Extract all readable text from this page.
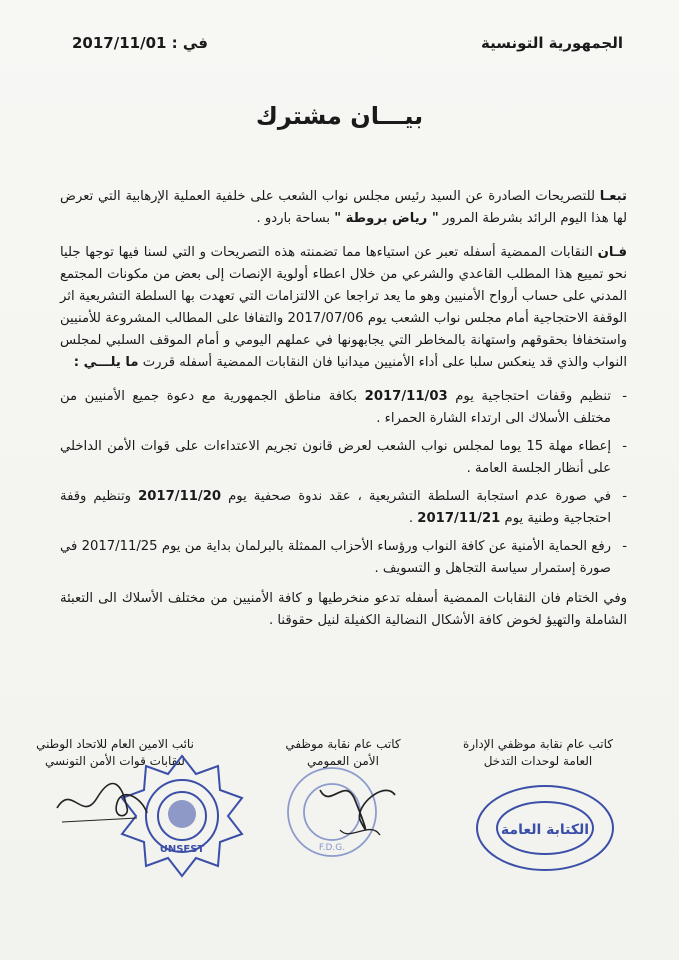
الجمهورية التونسية
في : 2017/11/01
بيـــان مشترك

تبعـا للتصريحات الصادرة عن السيد رئيس مجلس نواب الشعب على خلفية العملية الإرهابية التي تعرض لها هذا اليوم الرائد بشرطة المرور " رياض بروطة " بساحة باردو .

فـان النقابات الممضية أسفله تعبر عن استياءها مما تضمنته هذه التصريحات و التي لسنا فيها توجها جليا نحو تمييع هذا المطلب القاعدي والشرعي من خلال اعطاء أولوية الإنصات إلى بعض من مكونات المجتمع المدني على حساب أرواح الأمنيين وهو ما يعد تراجعا عن الالتزامات التي تعهدت بها السلطة التشريعية اثر الوقفة الاحتجاجية أمام مجلس نواب الشعب يوم 2017/07/06 والتفافا على المطالب المشروعة للأمنيين واستخفافا بحقوقهم واستهانة بالمخاطر التي يجابهونها في عملهم اليومي و أمام الموقف السلبي لمجلس النواب والذي قد ينعكس سلبا على أداء الأمنيين ميدانيا فان النقابات الممضية أسفله قررت ما يلـــي :

- تنظيم وقفات احتجاجية يوم 2017/11/03 بكافة مناطق الجمهورية مع دعوة جميع الأمنيين من مختلف الأسلاك الى ارتداء الشارة الحمراء .
- إعطاء مهلة 15 يوما لمجلس نواب الشعب لعرض قانون تجريم الاعتداءات على قوات الأمن الداخلي على أنظار الجلسة العامة .
- في صورة عدم استجابة السلطة التشريعية ، عقد ندوة صحفية يوم 2017/11/20 وتنظيم وقفة احتجاجية وطنية يوم 2017/11/21 .
- رفع الحماية الأمنية عن كافة النواب ورؤساء الأحزاب الممثلة بالبرلمان بداية من يوم 2017/11/25 في صورة إستمرار سياسة التجاهل و التسويف .

وفي الختام فان النقابات الممضية أسفله تدعو منخرطيها و كافة الأمنيين من مختلف الأسلاك الى التعبئة الشاملة والتهيؤ لخوض كافة الأشكال النضالية الكفيلة لنيل حقوقنا .

كاتب عام نقابة موظفي الإدارة
العامة لوحدات التدخل
كاتب عام نقابة موظفي
الأمن العمومي
نائب الامين العام للاتحاد الوطني
لنقابات قوات الأمن التونسي
UNSFST	F.D.G.
الكتابة العامة
